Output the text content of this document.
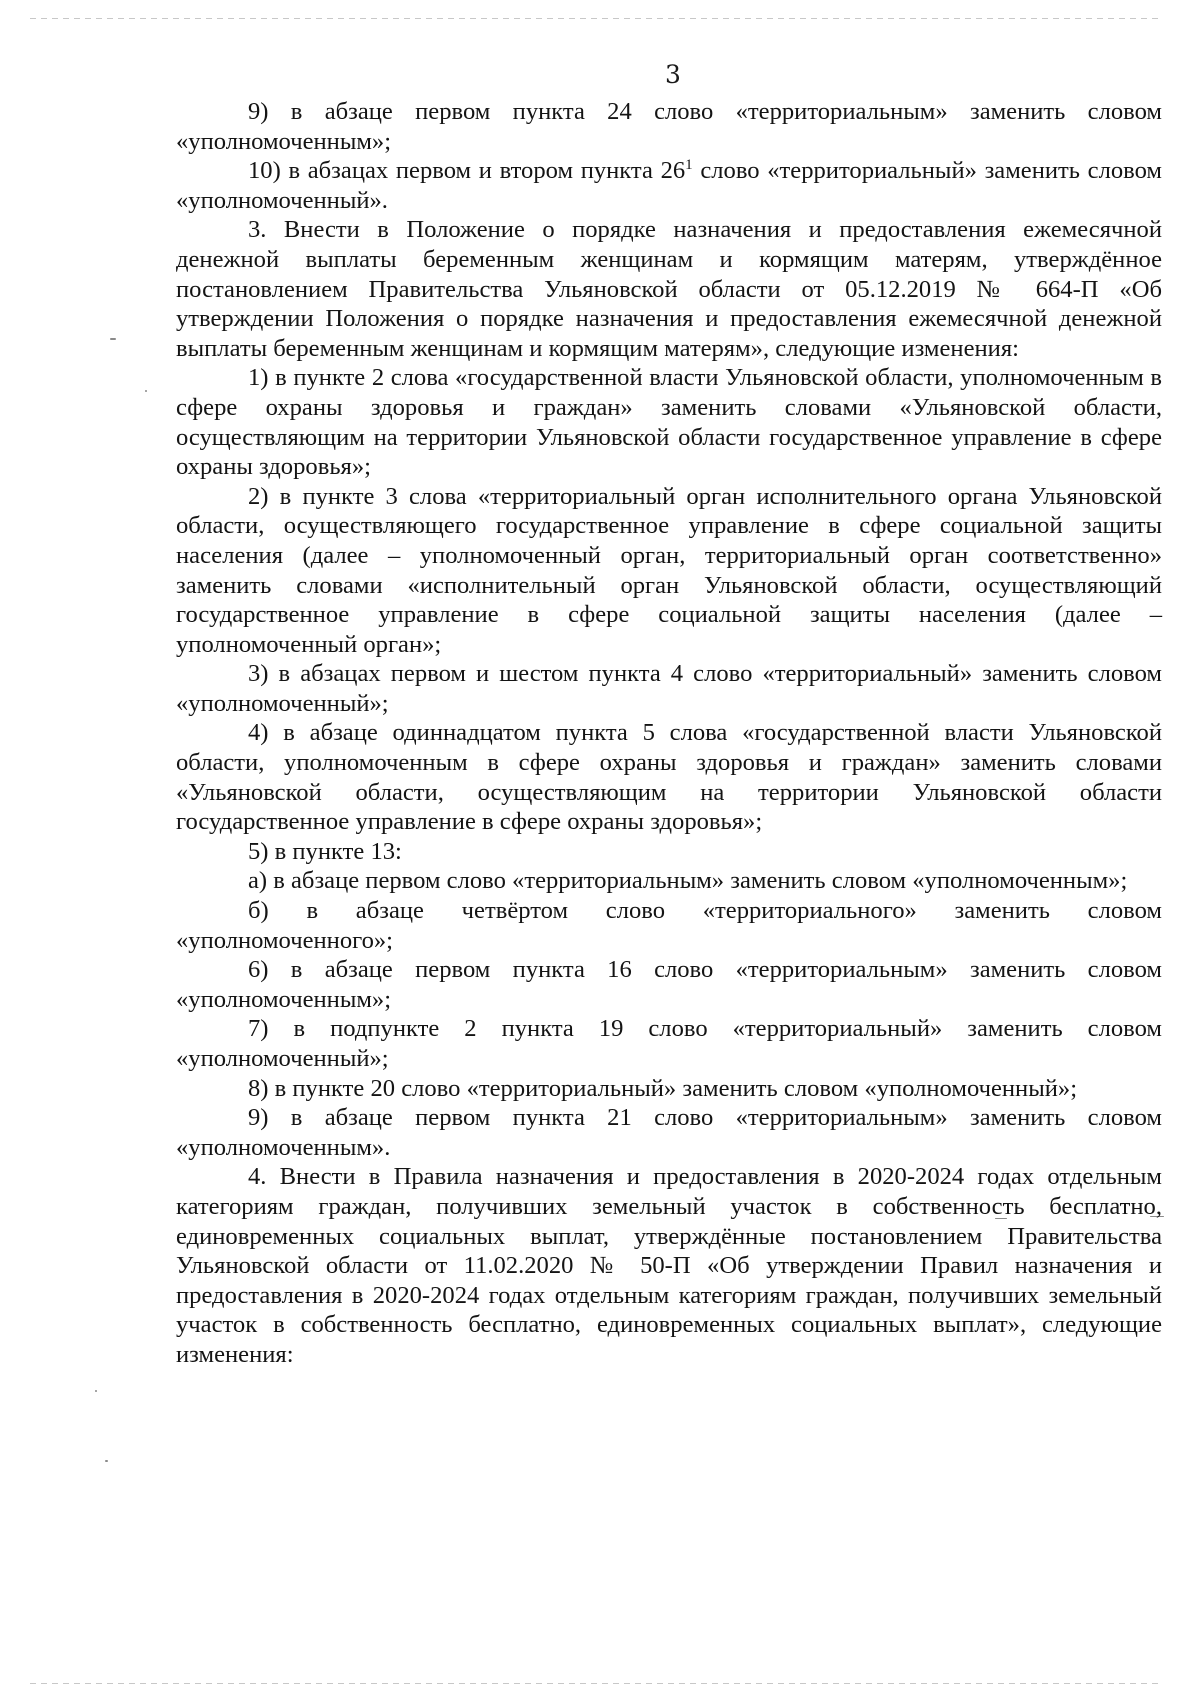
3

9) в абзаце первом пункта 24 слово «территориальным» заменить словом «уполномоченным»;

10) в абзацах первом и втором пункта $26^1$ слово «территориальный» заменить словом «уполномоченный».

3. Внести в Положение о порядке назначения и предоставления ежемесячной денежной выплаты беременным женщинам и кормящим матерям, утверждённое постановлением Правительства Ульяновской области от 05.12.2019 № 664-П «Об утверждении Положения о порядке назначения и предоставления ежемесячной денежной выплаты беременным женщинам и кормящим матерям», следующие изменения:

1) в пункте 2 слова «государственной власти Ульяновской области, уполномоченным в сфере охраны здоровья и граждан» заменить словами «Ульяновской области, осуществляющим на территории Ульяновской области государственное управление в сфере охраны здоровья»;

2) в пункте 3 слова «территориальный орган исполнительного органа Ульяновской области, осуществляющего государственное управление в сфере социальной защиты населения (далее – уполномоченный орган, территориальный орган соответственно» заменить словами «исполнительный орган Ульяновской области, осуществляющий государственное управление в сфере социальной защиты населения (далее – уполномоченный орган»;

3) в абзацах первом и шестом пункта 4 слово «территориальный» заменить словом «уполномоченный»;

4) в абзаце одиннадцатом пункта 5 слова «государственной власти Ульяновской области, уполномоченным в сфере охраны здоровья и граждан» заменить словами «Ульяновской области, осуществляющим на территории Ульяновской области государственное управление в сфере охраны здоровья»;

5) в пункте 13:

а) в абзаце первом слово «территориальным» заменить словом «уполномоченным»;

б) в абзаце четвёртом слово «территориального» заменить словом «уполномоченного»;

6) в абзаце первом пункта 16 слово «территориальным» заменить словом «уполномоченным»;

7) в подпункте 2 пункта 19 слово «территориальный» заменить словом «уполномоченный»;

8) в пункте 20 слово «территориальный» заменить словом «уполномоченный»;

9) в абзаце первом пункта 21 слово «территориальным» заменить словом «уполномоченным».

4. Внести в Правила назначения и предоставления в 2020-2024 годах отдельным категориям граждан, получивших земельный участок в собственность бесплатно, единовременных социальных выплат, утверждённые постановлением Правительства Ульяновской области от 11.02.2020 № 50-П «Об утверждении Правил назначения и предоставления в 2020-2024 годах отдельным категориям граждан, получивших земельный участок в собственность бесплатно, единовременных социальных выплат», следующие изменения:
